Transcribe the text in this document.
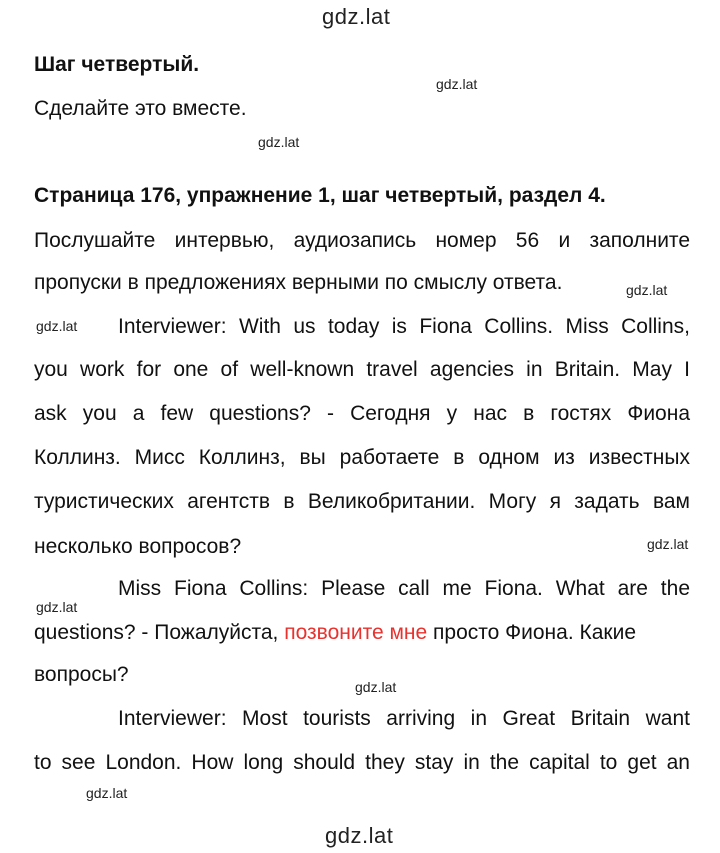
gdz.lat
gdz.lat
gdz.lat
gdz.lat
gdz.lat
gdz.lat
gdz.lat
gdz.lat
gdz.lat
gdz.lat
Шаг четвертый.
Сделайте это вместе.
Страница 176, упражнение 1, шаг четвертый, раздел 4.
Послушайте интервью, аудиозапись номер 56 и заполните
пропуски в предложениях верными по смыслу ответа.
Interviewer: With us today is Fiona Collins. Miss Collins,
you work for one of well-known travel agencies in Britain. May I
ask you a few questions? - Сегодня у нас в гостях Фиона
Коллинз. Мисс Коллинз, вы работаете в одном из известных
туристических агентств в Великобритании. Могу я задать вам
несколько вопросов?
Miss Fiona Collins: Please call me Fiona. What are the
questions? - Пожалуйста, позвоните мне просто Фиона. Какие
вопросы?
Interviewer: Most tourists arriving in Great Britain want
to see London. How long should they stay in the capital to get an
